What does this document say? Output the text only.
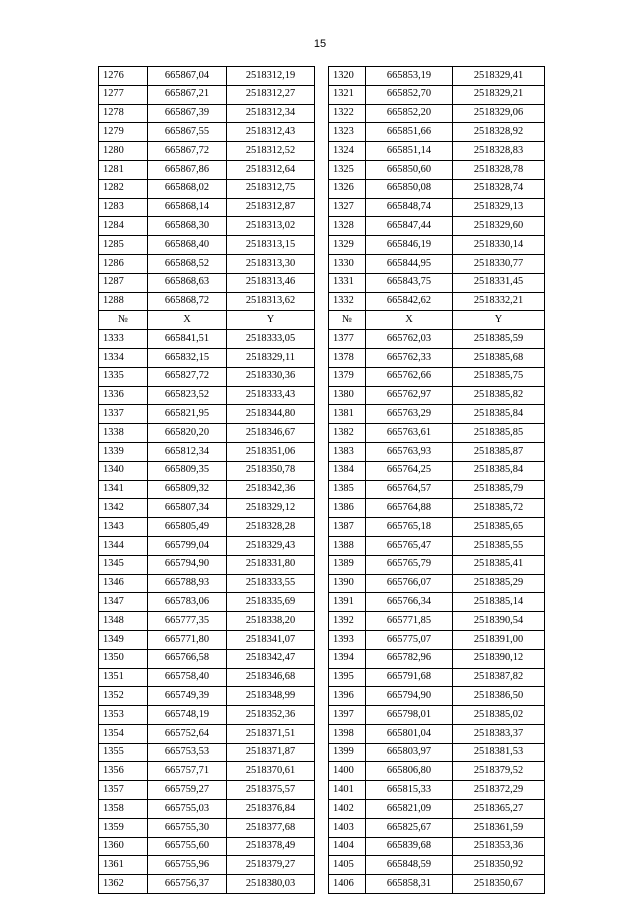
15
1276	665867,04	2518312,19		1320	665853,19	2518329,41
1277	665867,21	2518312,27		1321	665852,70	2518329,21
1278	665867,39	2518312,34		1322	665852,20	2518329,06
1279	665867,55	2518312,43		1323	665851,66	2518328,92
1280	665867,72	2518312,52		1324	665851,14	2518328,83
1281	665867,86	2518312,64		1325	665850,60	2518328,78
1282	665868,02	2518312,75		1326	665850,08	2518328,74
1283	665868,14	2518312,87		1327	665848,74	2518329,13
1284	665868,30	2518313,02		1328	665847,44	2518329,60
1285	665868,40	2518313,15		1329	665846,19	2518330,14
1286	665868,52	2518313,30		1330	665844,95	2518330,77
1287	665868,63	2518313,46		1331	665843,75	2518331,45
1288	665868,72	2518313,62		1332	665842,62	2518332,21
№	X	Y		№	X	Y
1333	665841,51	2518333,05		1377	665762,03	2518385,59
1334	665832,15	2518329,11		1378	665762,33	2518385,68
1335	665827,72	2518330,36		1379	665762,66	2518385,75
1336	665823,52	2518333,43		1380	665762,97	2518385,82
1337	665821,95	2518344,80		1381	665763,29	2518385,84
1338	665820,20	2518346,67		1382	665763,61	2518385,85
1339	665812,34	2518351,06		1383	665763,93	2518385,87
1340	665809,35	2518350,78		1384	665764,25	2518385,84
1341	665809,32	2518342,36		1385	665764,57	2518385,79
1342	665807,34	2518329,12		1386	665764,88	2518385,72
1343	665805,49	2518328,28		1387	665765,18	2518385,65
1344	665799,04	2518329,43		1388	665765,47	2518385,55
1345	665794,90	2518331,80		1389	665765,79	2518385,41
1346	665788,93	2518333,55		1390	665766,07	2518385,29
1347	665783,06	2518335,69		1391	665766,34	2518385,14
1348	665777,35	2518338,20		1392	665771,85	2518390,54
1349	665771,80	2518341,07		1393	665775,07	2518391,00
1350	665766,58	2518342,47		1394	665782,96	2518390,12
1351	665758,40	2518346,68		1395	665791,68	2518387,82
1352	665749,39	2518348,99		1396	665794,90	2518386,50
1353	665748,19	2518352,36		1397	665798,01	2518385,02
1354	665752,64	2518371,51		1398	665801,04	2518383,37
1355	665753,53	2518371,87		1399	665803,97	2518381,53
1356	665757,71	2518370,61		1400	665806,80	2518379,52
1357	665759,27	2518375,57		1401	665815,33	2518372,29
1358	665755,03	2518376,84		1402	665821,09	2518365,27
1359	665755,30	2518377,68		1403	665825,67	2518361,59
1360	665755,60	2518378,49		1404	665839,68	2518353,36
1361	665755,96	2518379,27		1405	665848,59	2518350,92
1362	665756,37	2518380,03		1406	665858,31	2518350,67
